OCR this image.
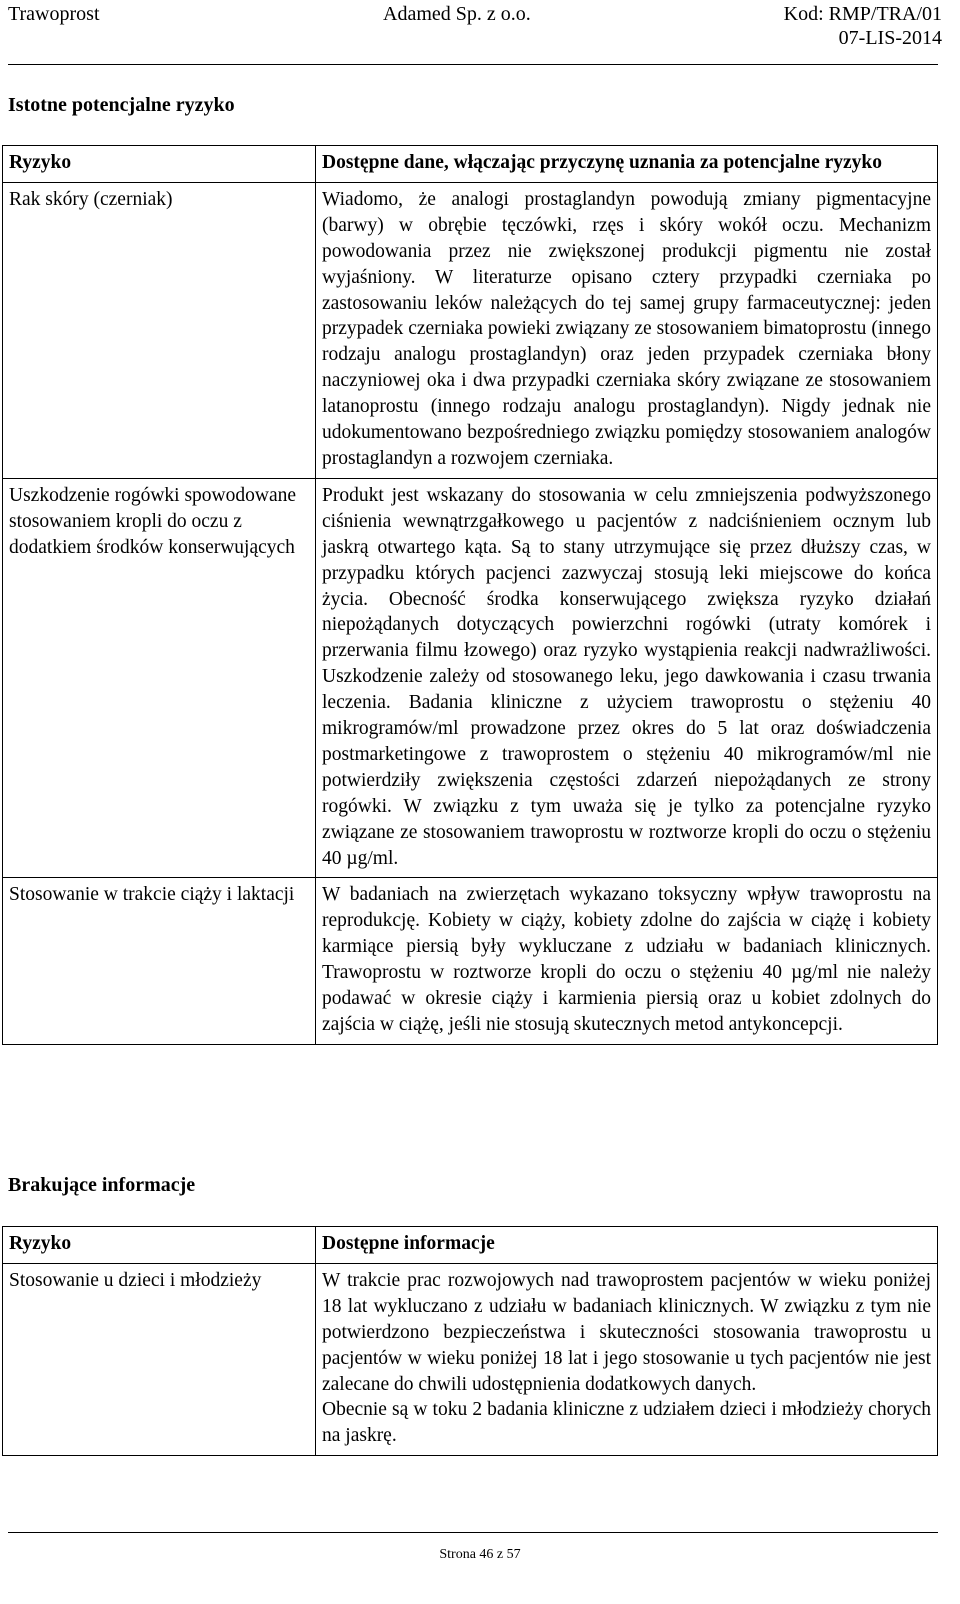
Trawoprost	Adamed Sp. z o.o.	Kod: RMP/TRA/01
07-LIS-2014
Istotne potencjalne ryzyko
Ryzyko	Dostępne dane, włączając przyczynę uznania za potencjalne ryzyko
Rak skóry (czerniak)	Wiadomo, że analogi prostaglandyn powodują zmiany pigmentacyjne (barwy) w obrębie tęczówki, rzęs i skóry wokół oczu. Mechanizm powodowania przez nie zwiększonej produkcji pigmentu nie został wyjaśniony. W literaturze opisano cztery przypadki czerniaka po zastosowaniu leków należących do tej samej grupy farmaceutycznej: jeden przypadek czerniaka powieki związany ze stosowaniem bimatoprostu (innego rodzaju analogu prostaglandyn) oraz jeden przypadek czerniaka błony naczyniowej oka i dwa przypadki czerniaka skóry związane ze stosowaniem latanoprostu (innego rodzaju analogu prostaglandyn). Nigdy jednak nie udokumentowano bezpośredniego związku pomiędzy stosowaniem analogów prostaglandyn a rozwojem czerniaka.
Uszkodzenie rogówki spowodowane stosowaniem kropli do oczu z dodatkiem środków konserwujących	Produkt jest wskazany do stosowania w celu zmniejszenia podwyższonego ciśnienia wewnątrzgałkowego u pacjentów z nadciśnieniem ocznym lub jaskrą otwartego kąta. Są to stany utrzymujące się przez dłuższy czas, w przypadku których pacjenci zazwyczaj stosują leki miejscowe do końca życia. Obecność środka konserwującego zwiększa ryzyko działań niepożądanych dotyczących powierzchni rogówki (utraty komórek i przerwania filmu łzowego) oraz ryzyko wystąpienia reakcji nadwrażliwości. Uszkodzenie zależy od stosowanego leku, jego dawkowania i czasu trwania leczenia. Badania kliniczne z użyciem trawoprostu o stężeniu 40 mikrogramów/ml prowadzone przez okres do 5 lat oraz doświadczenia postmarketingowe z trawoprostem o stężeniu 40 mikrogramów/ml nie potwierdziły zwiększenia częstości zdarzeń niepożądanych ze strony rogówki. W związku z tym uważa się je tylko za potencjalne ryzyko związane ze stosowaniem trawoprostu w roztworze kropli do oczu o stężeniu 40 µg/ml.
Stosowanie w trakcie ciąży i laktacji	W badaniach na zwierzętach wykazano toksyczny wpływ trawoprostu na reprodukcję. Kobiety w ciąży, kobiety zdolne do zajścia w ciążę i kobiety karmiące piersią były wykluczane z udziału w badaniach klinicznych. Trawoprostu w roztworze kropli do oczu o stężeniu 40 µg/ml nie należy podawać w okresie ciąży i karmienia piersią oraz u kobiet zdolnych do zajścia w ciążę, jeśli nie stosują skutecznych metod antykoncepcji.
Brakujące informacje
Ryzyko	Dostępne informacje
Stosowanie u dzieci i młodzieży	W trakcie prac rozwojowych nad trawoprostem pacjentów w wieku poniżej 18 lat wykluczano z udziału w badaniach klinicznych. W związku z tym nie potwierdzono bezpieczeństwa i skuteczności stosowania trawoprostu u pacjentów w wieku poniżej 18 lat i jego stosowanie u tych pacjentów nie jest zalecane do chwili udostępnienia dodatkowych danych.

Obecnie są w toku 2 badania kliniczne z udziałem dzieci i młodzieży chorych na jaskrę.

Strona 46 z 57
